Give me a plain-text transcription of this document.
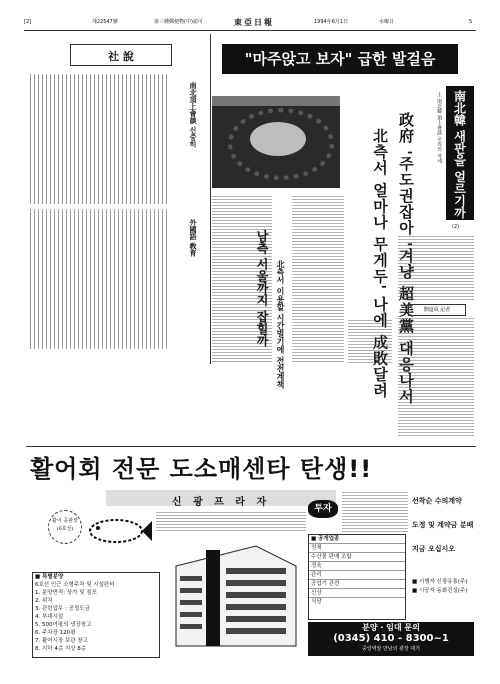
[2]	제22547號	第三種郵便物(中)認可	東亞日報	1994年6月1日	水曜日	5
社 說
南北頂上會談 신중히
外國語 敎育
"마주앉고 보자" 급한 발걸음
南北韓 새판을 얼르기까
上 南北韓 頂上會談 우리의 자세
(2)
政府 '주도권잡아 '겨냥 超美黨 대응나서
北측서 얼마나 무게두' 나에 成敗달려
남측 서울까지 잡힐까 北측서 이용할 시간벌기에 전전계책	劉道成 記者
활어회 전문 도소매센타 탄생!!
신 광 프 라 자
활어 공판장 (6호선)
■ 특별분양
6호선 인근 소형주차 및 시설완비
1. 분양면적: 상가 및 점포
2. 위치
3. 관련업무 : 공정도금
4. 부대시설
5. 500여평의 냉장창고
6. 주차장 120평
7. 활어시장 보관 창고
8. 지하 4층 지상 8층
투자
■ 공개업종
전체
수산물 판매 조합
정육
관리
공업기 관련
신상
식당
선착순 수의계약
도정 및 계약금 분배
지금 오십시오
■ 시행자 신광유통(주)
■ 시공자 동화건설(주)
분양 · 임대 문의
(0345) 410 - 8300~1
중앙역앞 만남의 광장 대기
